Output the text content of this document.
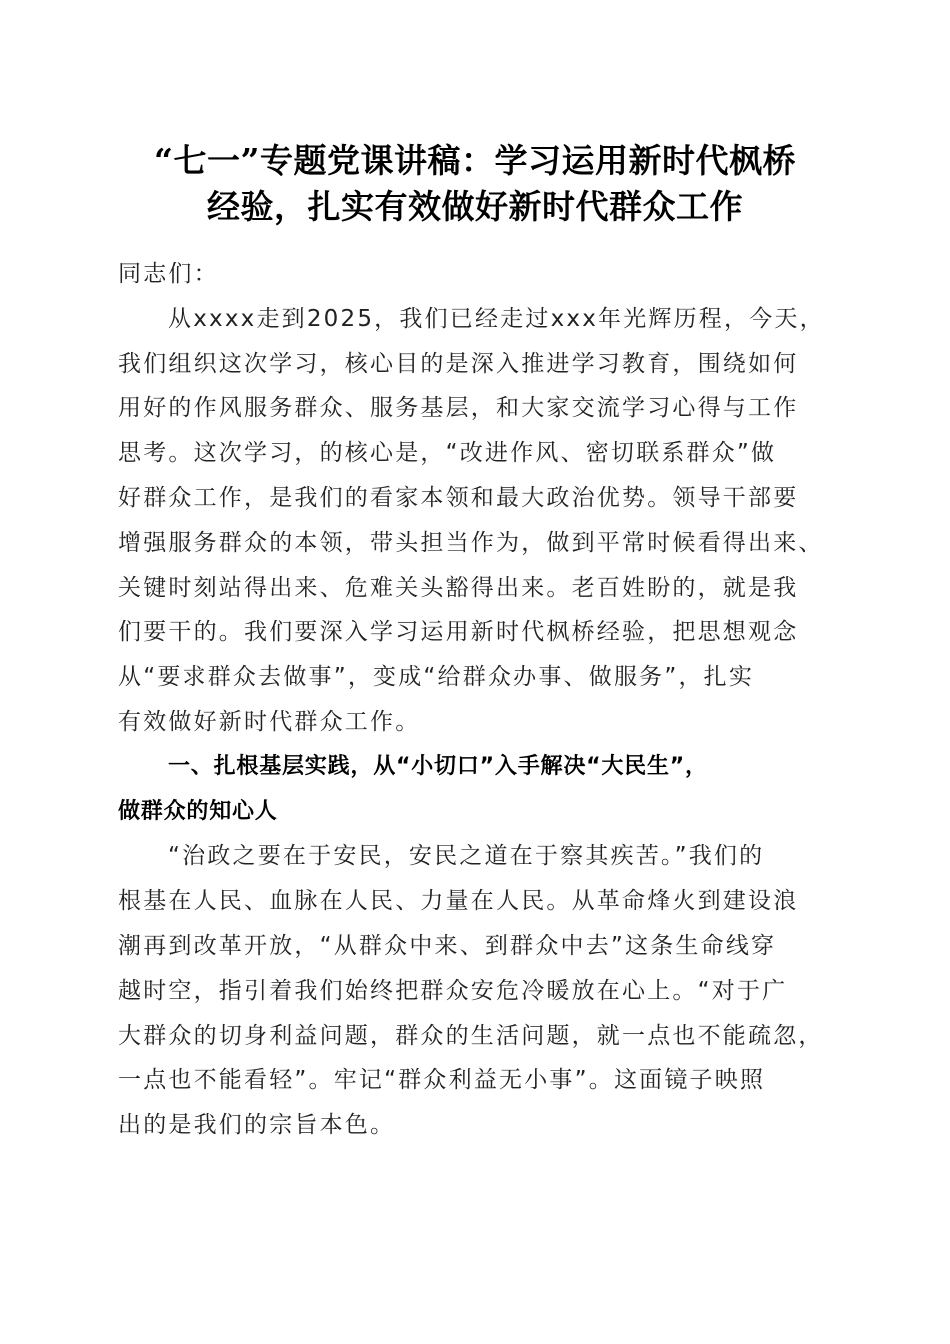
“七一”专题党课讲稿：学习运用新时代枫桥
经验，扎实有效做好新时代群众工作
同志们：
从xxxx走到2025，我们已经走过xxx年光辉历程，今天，
我们组织这次学习，核心目的是深入推进学习教育，围绕如何
用好的作风服务群众、服务基层，和大家交流学习心得与工作
思考。这次学习，的核心是，“改进作风、密切联系群众”做
好群众工作，是我们的看家本领和最大政治优势。领导干部要
增强服务群众的本领，带头担当作为，做到平常时候看得出来、
关键时刻站得出来、危难关头豁得出来。老百姓盼的，就是我
们要干的。我们要深入学习运用新时代枫桥经验，把思想观念
从“要求群众去做事”，变成“给群众办事、做服务”，扎实
有效做好新时代群众工作。
一、扎根基层实践，从“小切口”入手解决“大民生”，
做群众的知心人
“治政之要在于安民，安民之道在于察其疾苦。”我们的
根基在人民、血脉在人民、力量在人民。从革命烽火到建设浪
潮再到改革开放，“从群众中来、到群众中去”这条生命线穿
越时空，指引着我们始终把群众安危冷暖放在心上。“对于广
大群众的切身利益问题，群众的生活问题，就一点也不能疏忽，
一点也不能看轻”。牢记“群众利益无小事”。这面镜子映照
出的是我们的宗旨本色。
